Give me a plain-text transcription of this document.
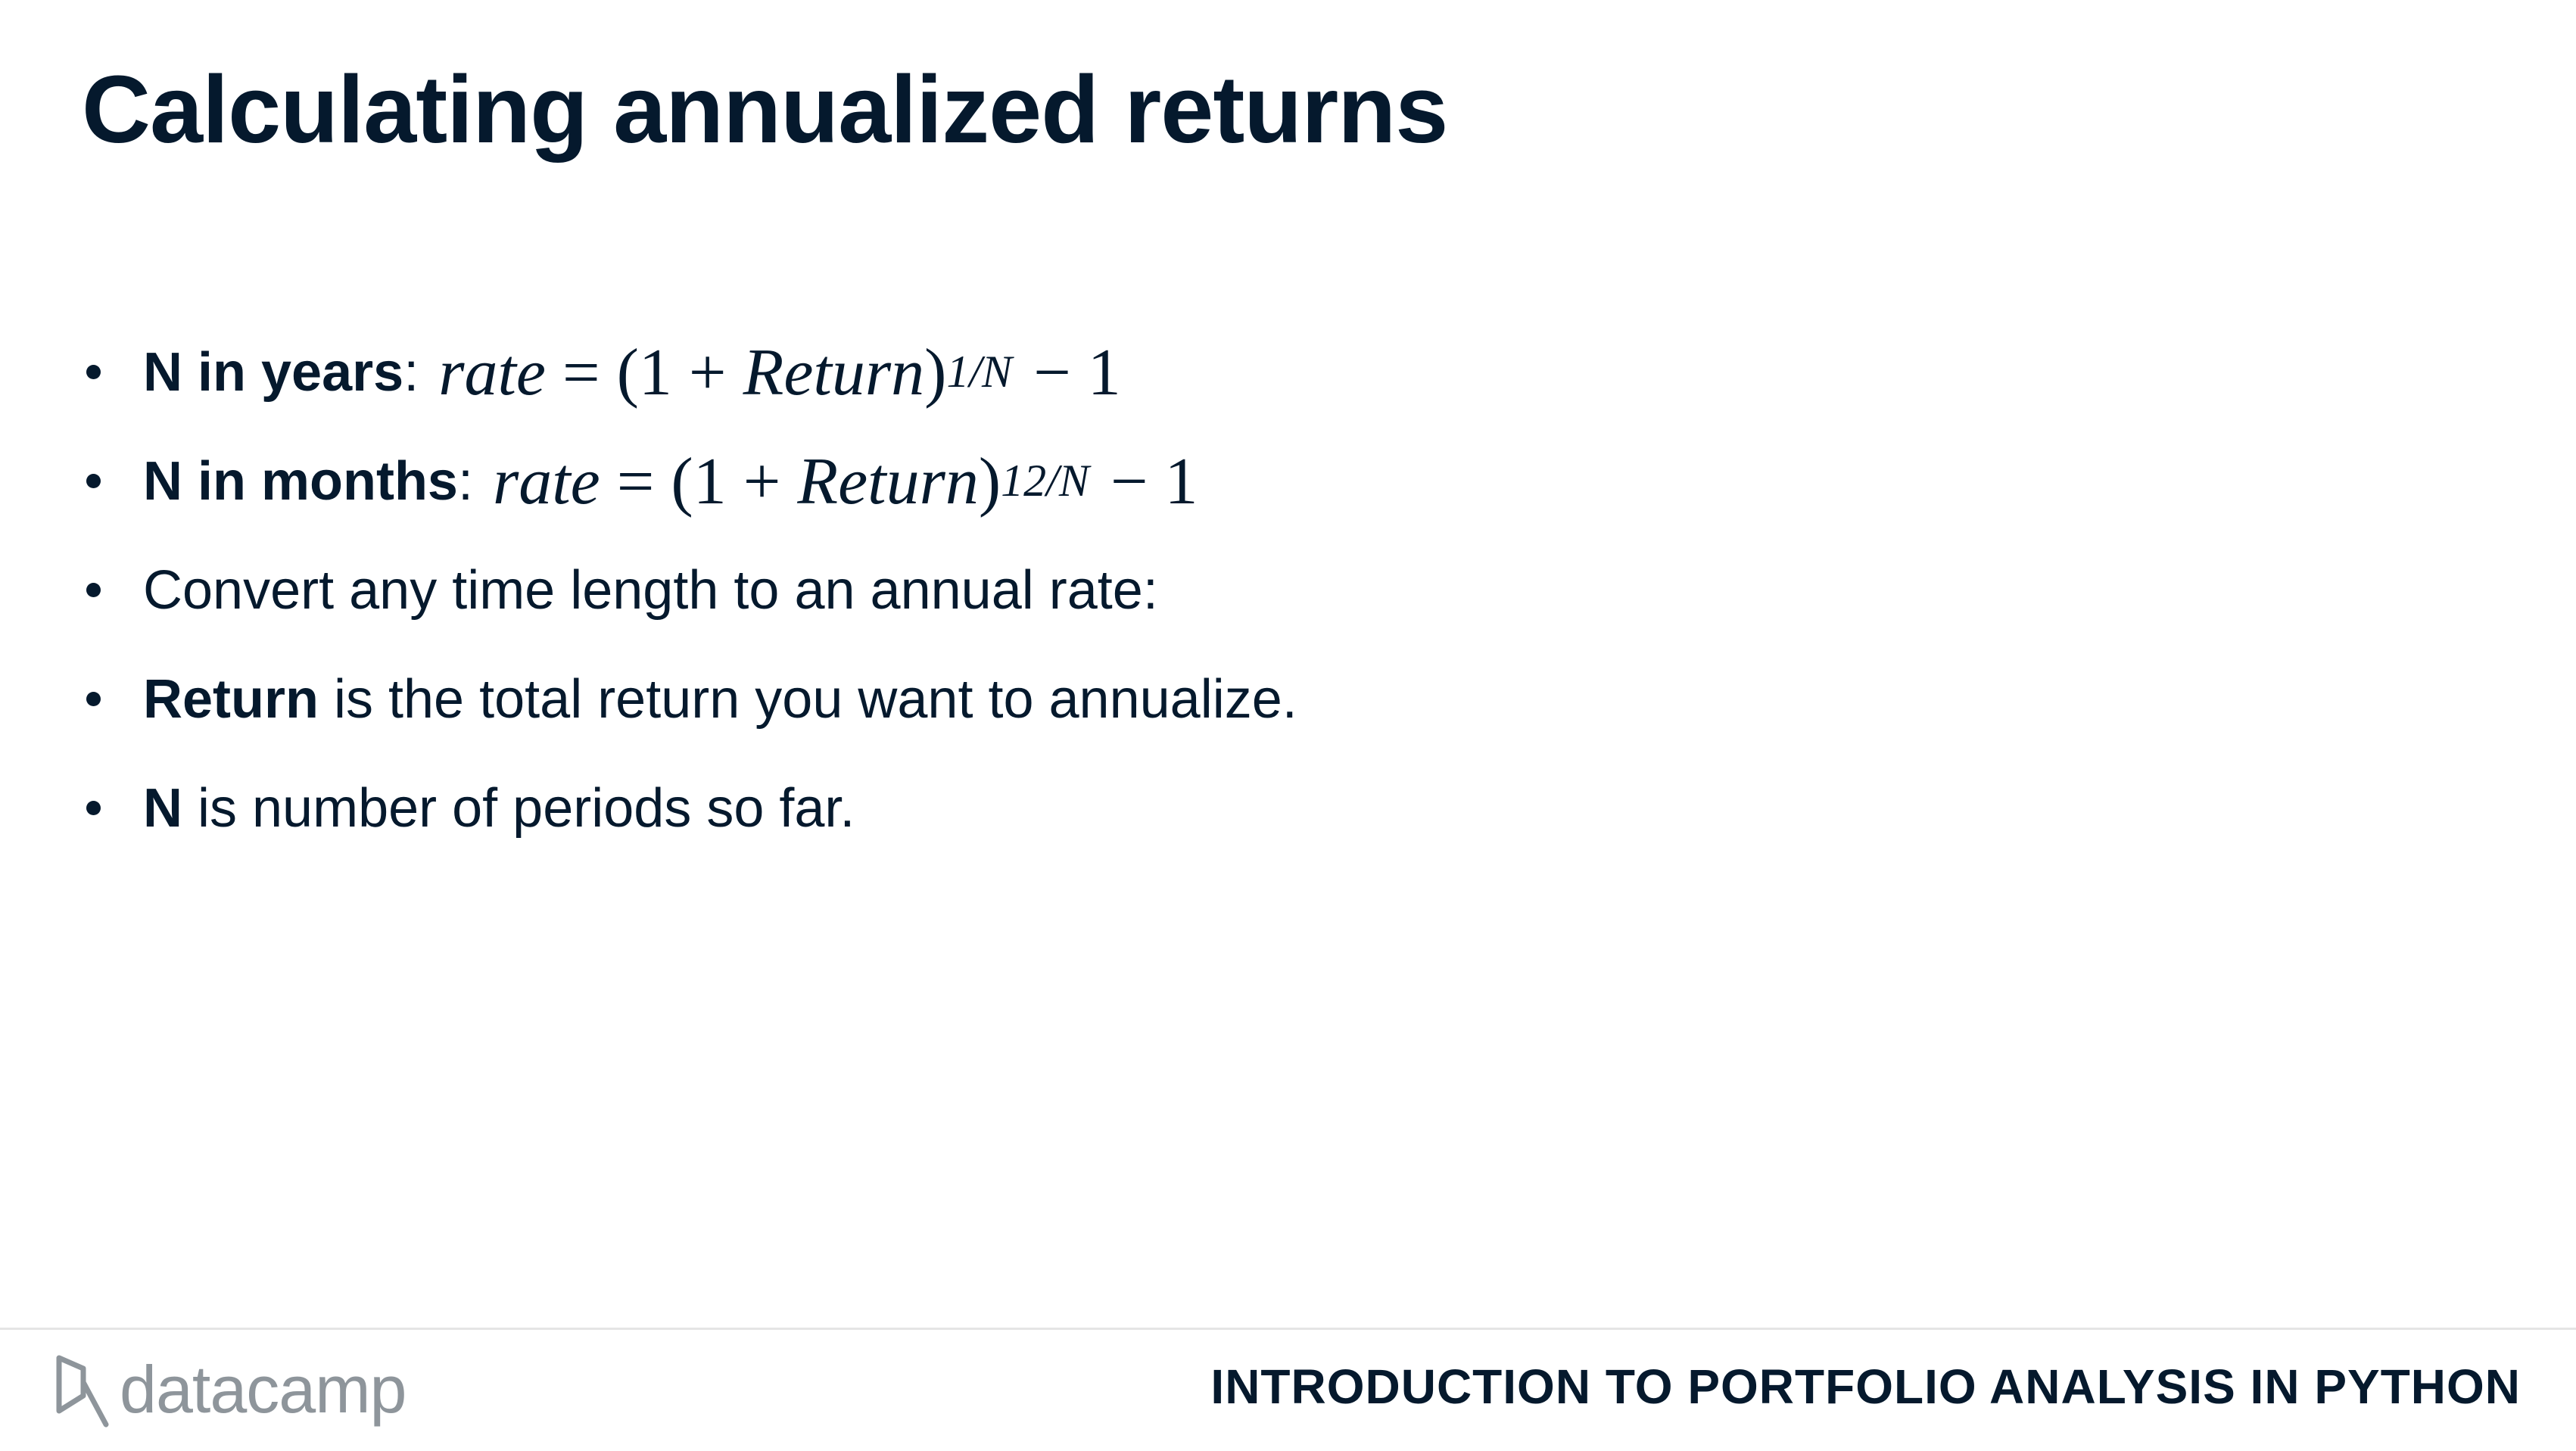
Calculating annualized returns
N in years : rate = (1 + Return )$^{1/N}$ − 1
N in months : rate = (1 + Return )$^{12/N}$ − 1
Convert any time length to an annual rate:
Return is the total return you want to annualize.
N is number of periods so far.
datacamp	INTRODUCTION TO PORTFOLIO ANALYSIS IN PYTHON
